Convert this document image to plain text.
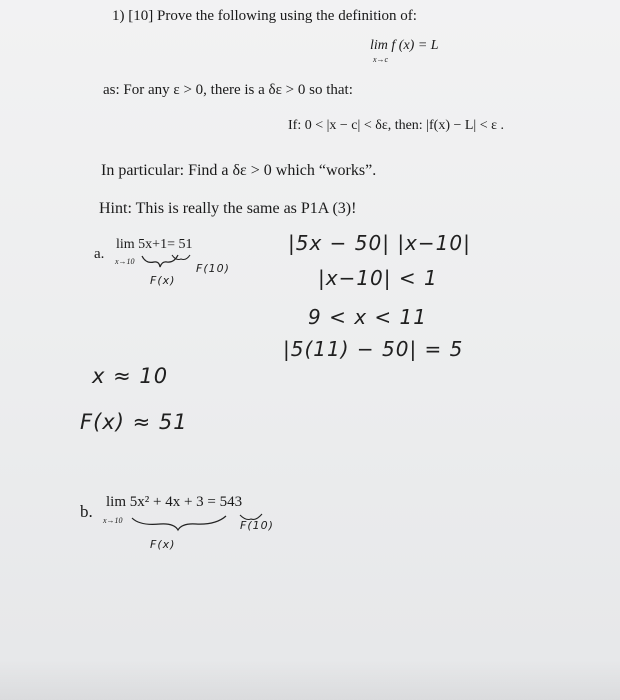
1) [10] Prove the following using the definition of:
lim f (x) = L
x→c
as: For any ε > 0, there is a δε > 0 so that:
If: 0 < |x − c| < δε, then: |f(x) − L| < ε .
In particular: Find a δε > 0 which “works”.
Hint: This is really the same as P1A (3)!
a.
lim 5x+1= 51
x→10
F(x)
F(10)
|5x − 50| |x−10|
|x−10| < 1
9 < x < 11
|5(11) − 50| = 5
x ≈ 10
F(x) ≈ 51
b. lim 5x² + 4x + 3 = 543
x→10
F(x)
F(10)
